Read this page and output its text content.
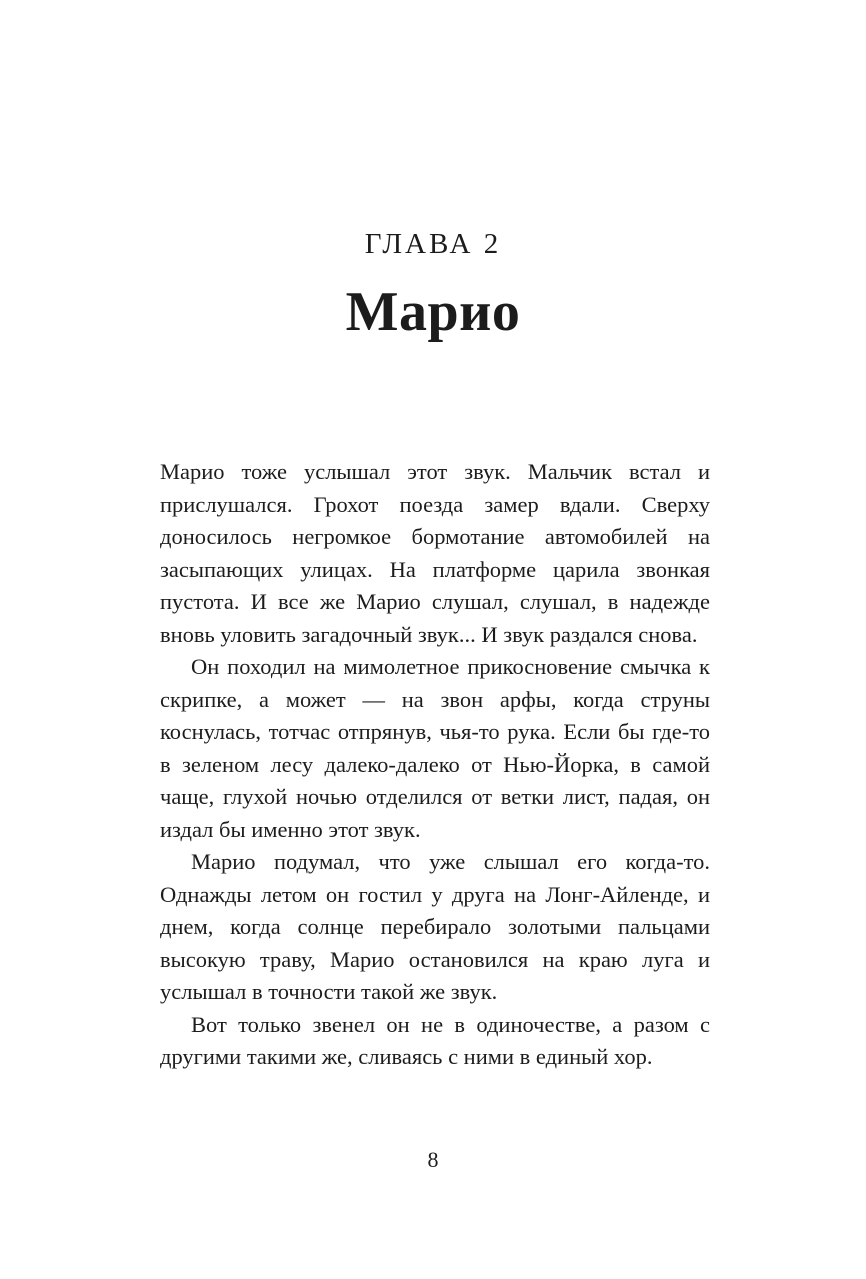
ГЛАВА 2
Марио

Марио тоже услышал этот звук. Мальчик встал и прислушался. Грохот поезда замер вдали. Сверху доносилось негромкое бормотание автомобилей на засыпающих улицах. На платформе царила звонкая пустота. И все же Марио слушал, слушал, в надежде вновь уловить загадочный звук... И звук раздался снова.

Он походил на мимолетное прикосновение смычка к скрипке, а может — на звон арфы, когда струны коснулась, тотчас отпрянув, чья-то рука. Если бы где-то в зеленом лесу далеко-далеко от Нью-Йорка, в самой чаще, глухой ночью отделился от ветки лист, падая, он издал бы именно этот звук.

Марио подумал, что уже слышал его когда-то. Однажды летом он гостил у друга на Лонг-Айленде, и днем, когда солнце перебирало золотыми пальцами высокую траву, Марио остановился на краю луга и услышал в точности такой же звук.

Вот только звенел он не в одиночестве, а разом с другими такими же, сливаясь с ними в единый хор.

8
